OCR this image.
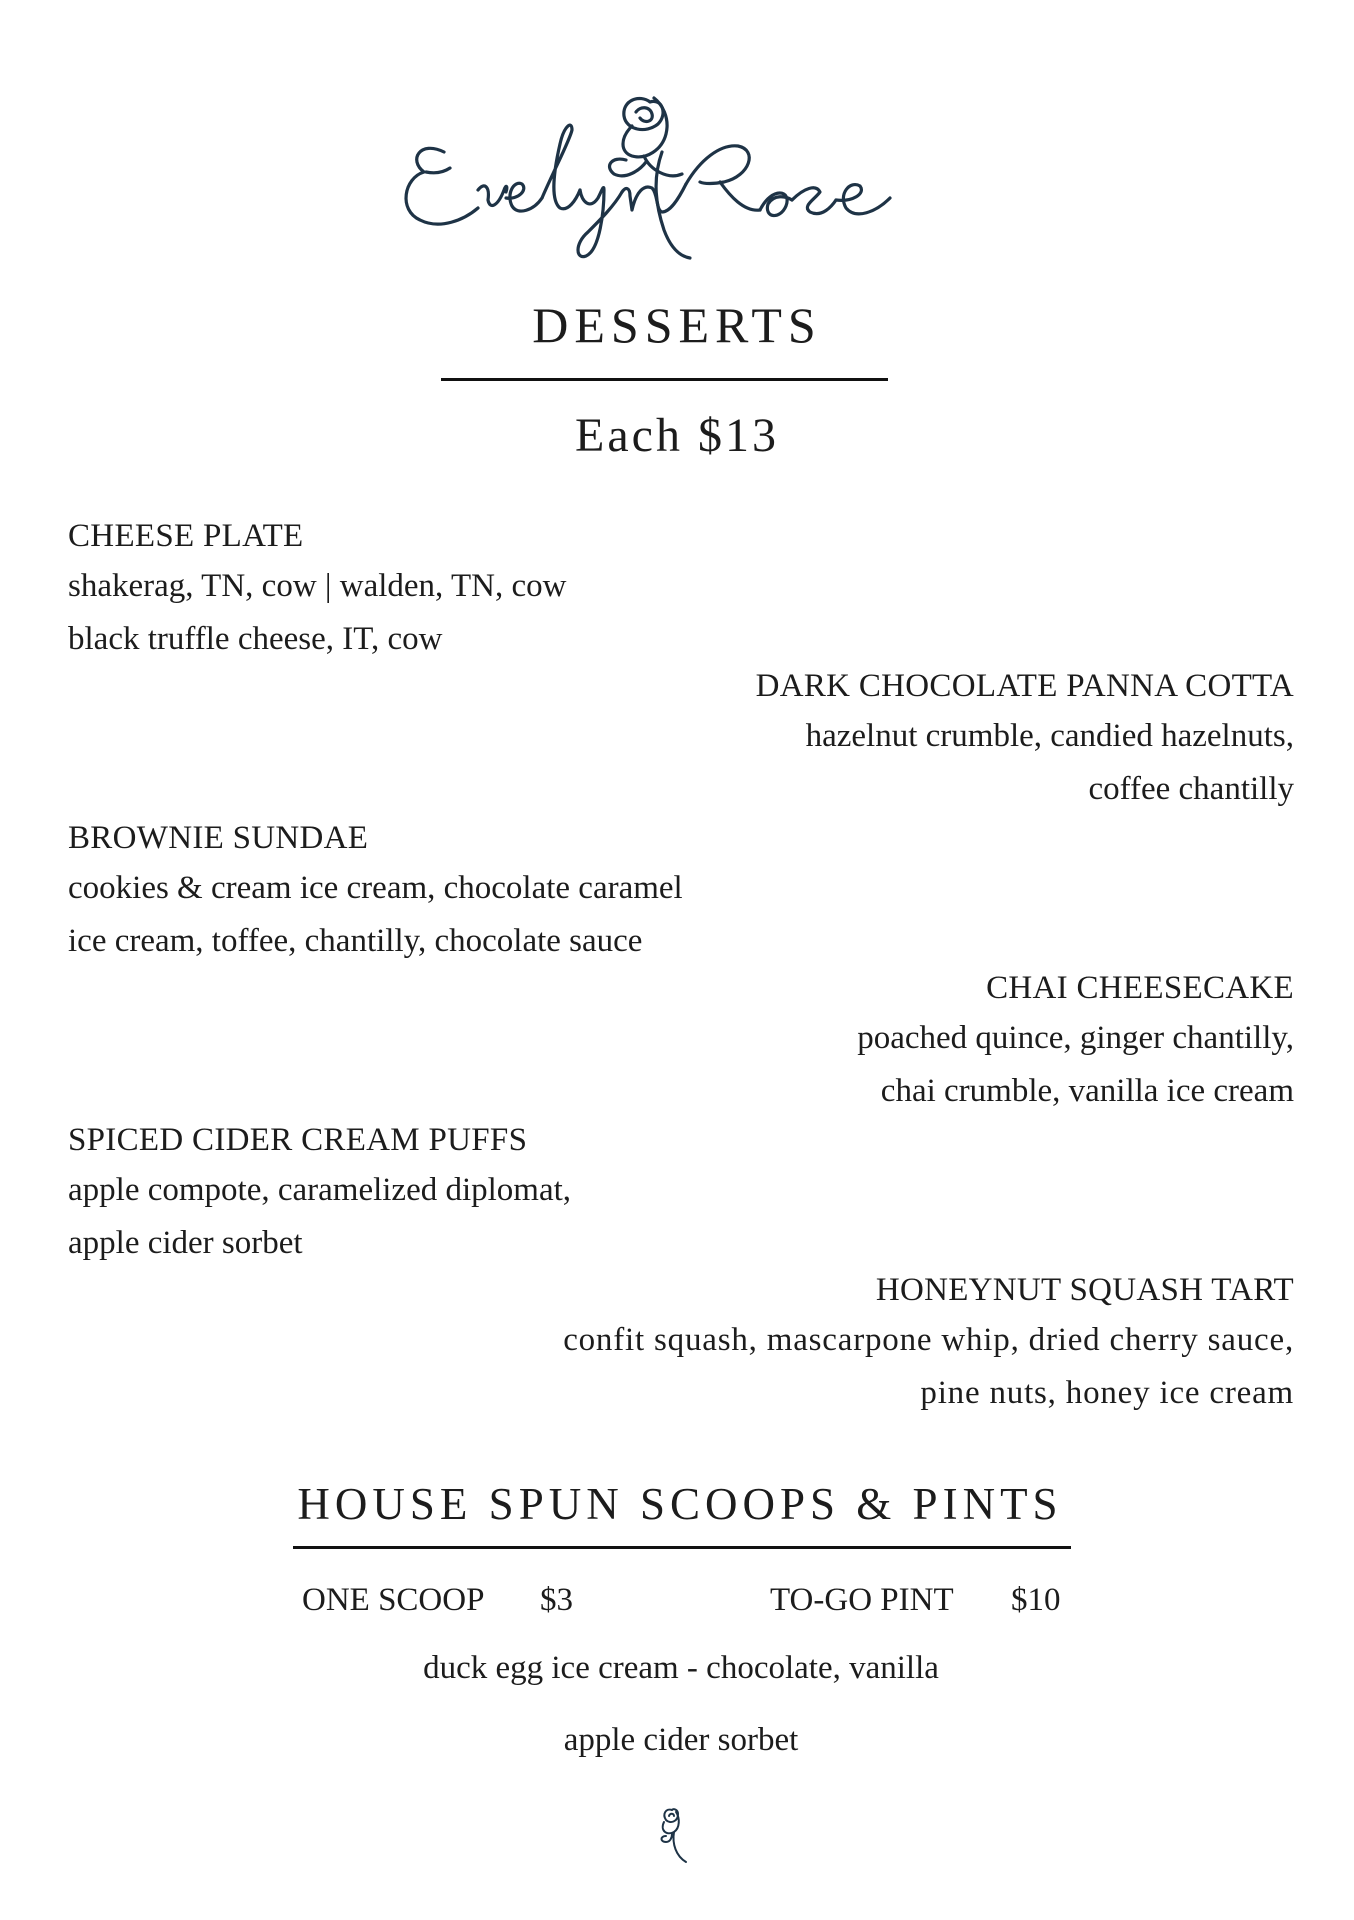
DESSERTS
Each $13
CHEESE PLATE
shakerag, TN, cow | walden, TN, cow
black truffle cheese, IT, cow
DARK CHOCOLATE PANNA COTTA
hazelnut crumble, candied hazelnuts,
coffee chantilly
BROWNIE SUNDAE
cookies & cream ice cream, chocolate caramel
ice cream, toffee, chantilly, chocolate sauce
CHAI CHEESECAKE
poached quince, ginger chantilly,
chai crumble, vanilla ice cream
SPICED CIDER CREAM PUFFS
apple compote, caramelized diplomat,
apple cider sorbet
HONEYNUT SQUASH TART
confit squash, mascarpone whip, dried cherry sauce,
pine nuts, honey ice cream
HOUSE SPUN SCOOPS & PINTS
ONE SCOOP $3	TO-GO PINT $10
duck egg ice cream - chocolate, vanilla
apple cider sorbet
